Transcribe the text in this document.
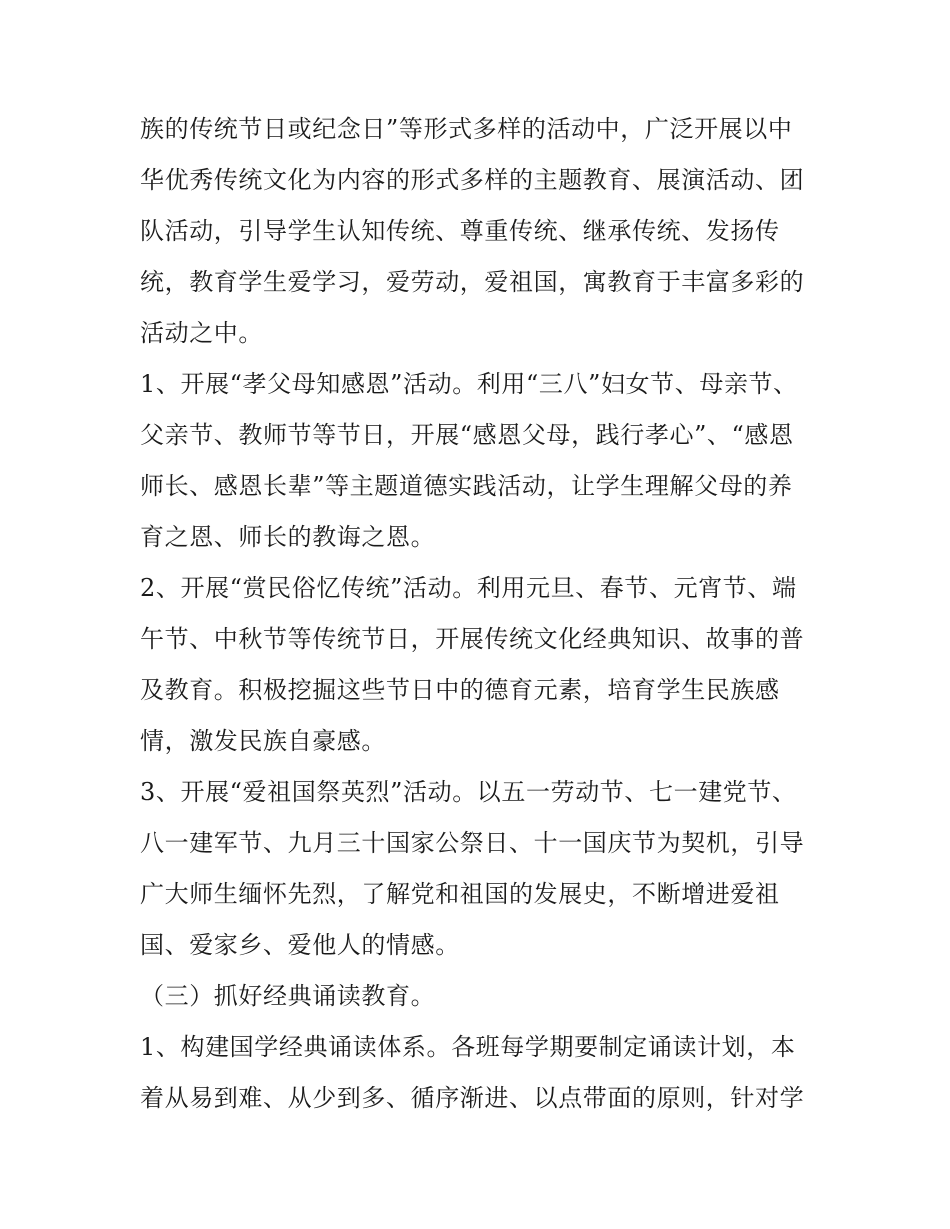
族的传统节日或纪念日”等形式多样的活动中，广泛开展以中
华优秀传统文化为内容的形式多样的主题教育、展演活动、团
队活动，引导学生认知传统、尊重传统、继承传统、发扬传
统，教育学生爱学习，爱劳动，爱祖国，寓教育于丰富多彩的
活动之中。
1、开展“孝父母知感恩”活动。利用“三八”妇女节、母亲节、
父亲节、教师节等节日，开展“感恩父母，践行孝心”、“感恩
师长、感恩长辈”等主题道德实践活动，让学生理解父母的养
育之恩、师长的教诲之恩。
2、开展“赏民俗忆传统”活动。利用元旦、春节、元宵节、端
午节、中秋节等传统节日，开展传统文化经典知识、故事的普
及教育。积极挖掘这些节日中的德育元素，培育学生民族感
情，激发民族自豪感。
3、开展“爱祖国祭英烈”活动。以五一劳动节、七一建党节、
八一建军节、九月三十国家公祭日、十一国庆节为契机，引导
广大师生缅怀先烈，了解党和祖国的发展史，不断增进爱祖
国、爱家乡、爱他人的情感。
（三）抓好经典诵读教育。
1、构建国学经典诵读体系。各班每学期要制定诵读计划，本
着从易到难、从少到多、循序渐进、以点带面的原则，针对学
